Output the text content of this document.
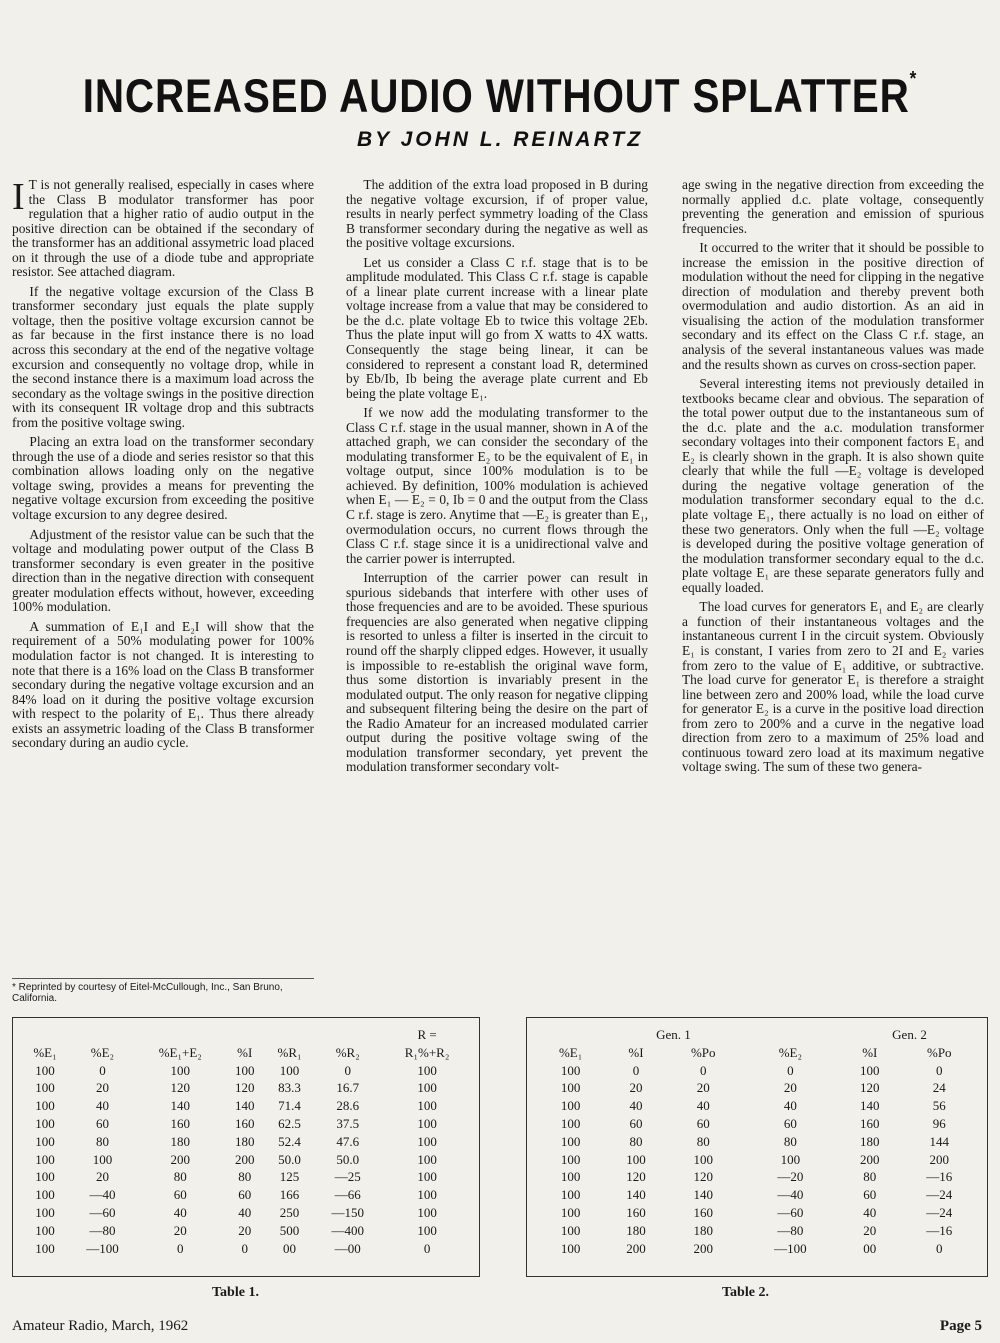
INCREASED AUDIO WITHOUT SPLATTER*
BY JOHN L. REINARTZ

I T is not generally realised, especially in cases where the Class B modulator transformer has poor regulation that a higher ratio of audio output in the positive direction can be obtained if the secondary of the transformer has an additional assymetric load placed on it through the use of a diode tube and appropriate resistor. See attached diagram.

If the negative voltage excursion of the Class B transformer secondary just equals the plate supply voltage, then the positive voltage excursion cannot be as far because in the first instance there is no load across this secondary at the end of the negative voltage excursion and consequently no voltage drop, while in the second instance there is a maximum load across the secondary as the voltage swings in the positive direction with its consequent IR voltage drop and this subtracts from the positive voltage swing.

Placing an extra load on the transformer secondary through the use of a diode and series resistor so that this combination allows loading only on the negative voltage swing, provides a means for preventing the negative voltage excursion from exceeding the positive voltage excursion to any degree desired.

Adjustment of the resistor value can be such that the voltage and modulating power output of the Class B transformer secondary is even greater in the positive direction than in the negative direction with consequent greater modulation effects without, however, exceeding 100% modulation.

A summation of E₁I and E₂I will show that the requirement of a 50% modulating power for 100% modulation factor is not changed. It is interesting to note that there is a 16% load on the Class B transformer secondary during the negative voltage excursion and an 84% load on it during the positive voltage excursion with respect to the polarity of E₁. Thus there already exists an assymetric loading of the Class B transformer secondary during an audio cycle.

* Reprinted by courtesy of Eitel-McCullough, Inc., San Bruno, California.

The addition of the extra load proposed in B during the negative voltage excursion, if of proper value, results in nearly perfect symmetry loading of the Class B transformer secondary during the negative as well as the positive voltage excursions.

Let us consider a Class C r.f. stage that is to be amplitude modulated. This Class C r.f. stage is capable of a linear plate current increase with a linear plate voltage increase from a value that may be considered to be the d.c. plate voltage Eb to twice this voltage 2Eb. Thus the plate input will go from X watts to 4X watts. Consequently the stage being linear, it can be considered to represent a constant load R, determined by Eb/Ib, Ib being the average plate current and Eb being the plate voltage E₁.

If we now add the modulating transformer to the Class C r.f. stage in the usual manner, shown in A of the attached graph, we can consider the secondary of the modulating transformer E₂ to be the equivalent of E₁ in voltage output, since 100% modulation is to be achieved. By definition, 100% modulation is achieved when E₁ — E₂ = 0, Ib = 0 and the output from the Class C r.f. stage is zero. Anytime that —E₂ is greater than E₁, overmodulation occurs, no current flows through the Class C r.f. stage since it is a unidirectional valve and the carrier power is interrupted.

Interruption of the carrier power can result in spurious sidebands that interfere with other uses of those frequencies and are to be avoided. These spurious frequencies are also generated when negative clipping is resorted to unless a filter is inserted in the circuit to round off the sharply clipped edges. However, it usually is impossible to re-establish the original wave form, thus some distortion is invariably present in the modulated output. The only reason for negative clipping and subsequent filtering being the desire on the part of the Radio Amateur for an increased modulated carrier output during the positive voltage swing of the modulation transformer secondary, yet prevent the modulation transformer secondary volt-

age swing in the negative direction from exceeding the normally applied d.c. plate voltage, consequently preventing the generation and emission of spurious frequencies.

It occurred to the writer that it should be possible to increase the emission in the positive direction of modulation without the need for clipping in the negative direction of modulation and thereby prevent both overmodulation and audio distortion. As an aid in visualising the action of the modulation transformer secondary and its effect on the Class C r.f. stage, an analysis of the several instantaneous values was made and the results shown as curves on cross-section paper.

Several interesting items not previously detailed in textbooks became clear and obvious. The separation of the total power output due to the instantaneous sum of the d.c. plate and the a.c. modulation transformer secondary voltages into their component factors E₁ and E₂ is clearly shown in the graph. It is also shown quite clearly that while the full —E₂ voltage is developed during the negative voltage generation of the modulation transformer secondary equal to the d.c. plate voltage E₁, there actually is no load on either of these two generators. Only when the full —E₂ voltage is developed during the positive voltage generation of the modulation transformer secondary equal to the d.c. plate voltage E₁ are these separate generators fully and equally loaded.

The load curves for generators E₁ and E₂ are clearly a function of their instantaneous voltages and the instantaneous current I in the circuit system. Obviously E₁ is constant, I varies from zero to 2I and E₂ varies from zero to the value of E₁ additive, or subtractive. The load curve for generator E₁ is therefore a straight line between zero and 200% load, while the load curve for generator E₂ is a curve in the positive load direction from zero to 200% and a curve in the negative load direction from zero to a maximum of 25% load and continuous toward zero load at its maximum negative voltage swing. The sum of these two genera-

						R =
%E₁	%E₂	%E₁+E₂	%I	%R₁	%R₂	R₁%+R₂
100	0	100	100	100	0	100
100	20	120	120	83.3	16.7	100
100	40	140	140	71.4	28.6	100
100	60	160	160	62.5	37.5	100
100	80	180	180	52.4	47.6	100
100	100	200	200	50.0	50.0	100
100	20	80	80	125	—25	100
100	—40	60	60	166	—66	100
100	—60	40	40	250	—150	100
100	—80	20	20	500	—400	100
100	—100	0	0	00	—00	0
Table 1.
	Gen. 1			Gen. 2	
%E₁	%I	%Po		%E₂	%I	%Po
100	0	0		0	100	0
100	20	20		20	120	24
100	40	40		40	140	56
100	60	60		60	160	96
100	80	80		80	180	144
100	100	100		100	200	200
100	120	120		—20	80	—16
100	140	140		—40	60	—24
100	160	160		—60	40	—24
100	180	180		—80	20	—16
100	200	200		—100	00	0
Table 2.
Amateur Radio, March, 1962	Page 5
